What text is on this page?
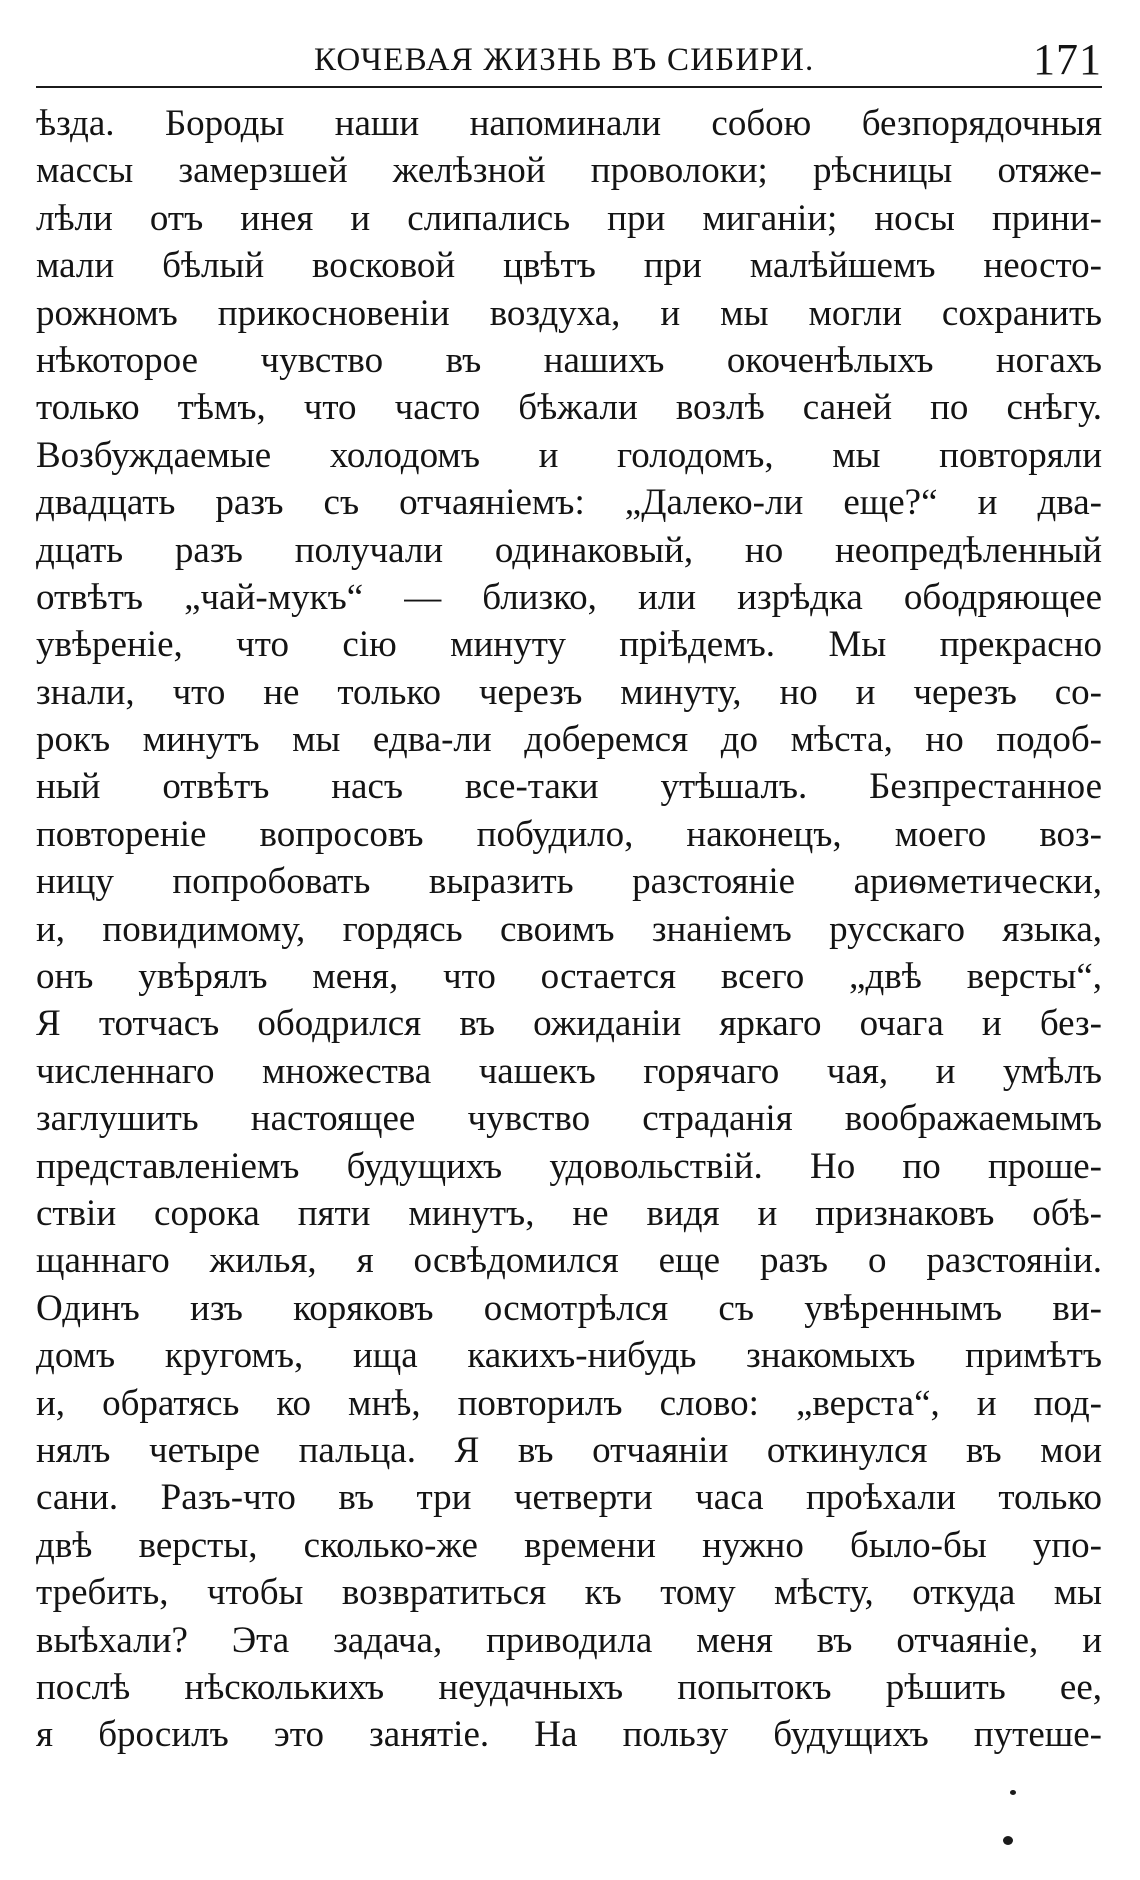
КОЧЕВАЯ ЖИЗНЬ ВЪ СИБИРИ.	171
ѣзда. Бороды наши напоминали собою безпорядочныя
массы замерзшей желѣзной проволоки; рѣсницы отяже-
лѣли отъ инея и слипались при миганіи; носы прини-
мали бѣлый восковой цвѣтъ при малѣйшемъ неосто-
рожномъ прикосновеніи воздуха, и мы могли сохранить
нѣкоторое чувство въ нашихъ окоченѣлыхъ ногахъ
только тѣмъ, что часто бѣжали возлѣ саней по снѣгу.
Возбуждаемые холодомъ и голодомъ, мы повторяли
двадцать разъ съ отчаяніемъ: „Далеко-ли еще?“ и два-
дцать разъ получали одинаковый, но неопредѣленный
отвѣтъ „чай-мукъ“ — близко, или изрѣдка ободряющее
увѣреніе, что сію минуту пріѣдемъ. Мы прекрасно
знали, что не только черезъ минуту, но и черезъ со-
рокъ минутъ мы едва-ли доберемся до мѣста, но подоб-
ный отвѣтъ насъ все-таки утѣшалъ. Безпрестанное
повтореніе вопросовъ побудило, наконецъ, моего воз-
ницу попробовать выразить разстояніе ариѳметически,
и, повидимому, гордясь своимъ знаніемъ русскаго языка,
онъ увѣрялъ меня, что остается всего „двѣ версты“,
Я тотчасъ ободрился въ ожиданіи яркаго очага и без-
численнаго множества чашекъ горячаго чая, и умѣлъ
заглушить настоящее чувство страданія воображаемымъ
представленіемъ будущихъ удовольствій. Но по проше-
ствіи сорока пяти минутъ, не видя и признаковъ обѣ-
щаннаго жилья, я освѣдомился еще разъ о разстояніи.
Одинъ изъ коряковъ осмотрѣлся съ увѣреннымъ ви-
домъ кругомъ, ища какихъ-нибудь знакомыхъ примѣтъ
и, обратясь ко мнѣ, повторилъ слово: „верста“, и под-
нялъ четыре пальца. Я въ отчаяніи откинулся въ мои
сани. Разъ-что въ три четверти часа проѣхали только
двѣ версты, сколько-же времени нужно было-бы упо-
требить, чтобы возвратиться къ тому мѣсту, откуда мы
выѣхали? Эта задача, приводила меня въ отчаяніе, и
послѣ нѣсколькихъ неудачныхъ попытокъ рѣшить ее,
я бросилъ это занятіе. На пользу будущихъ путеше-
